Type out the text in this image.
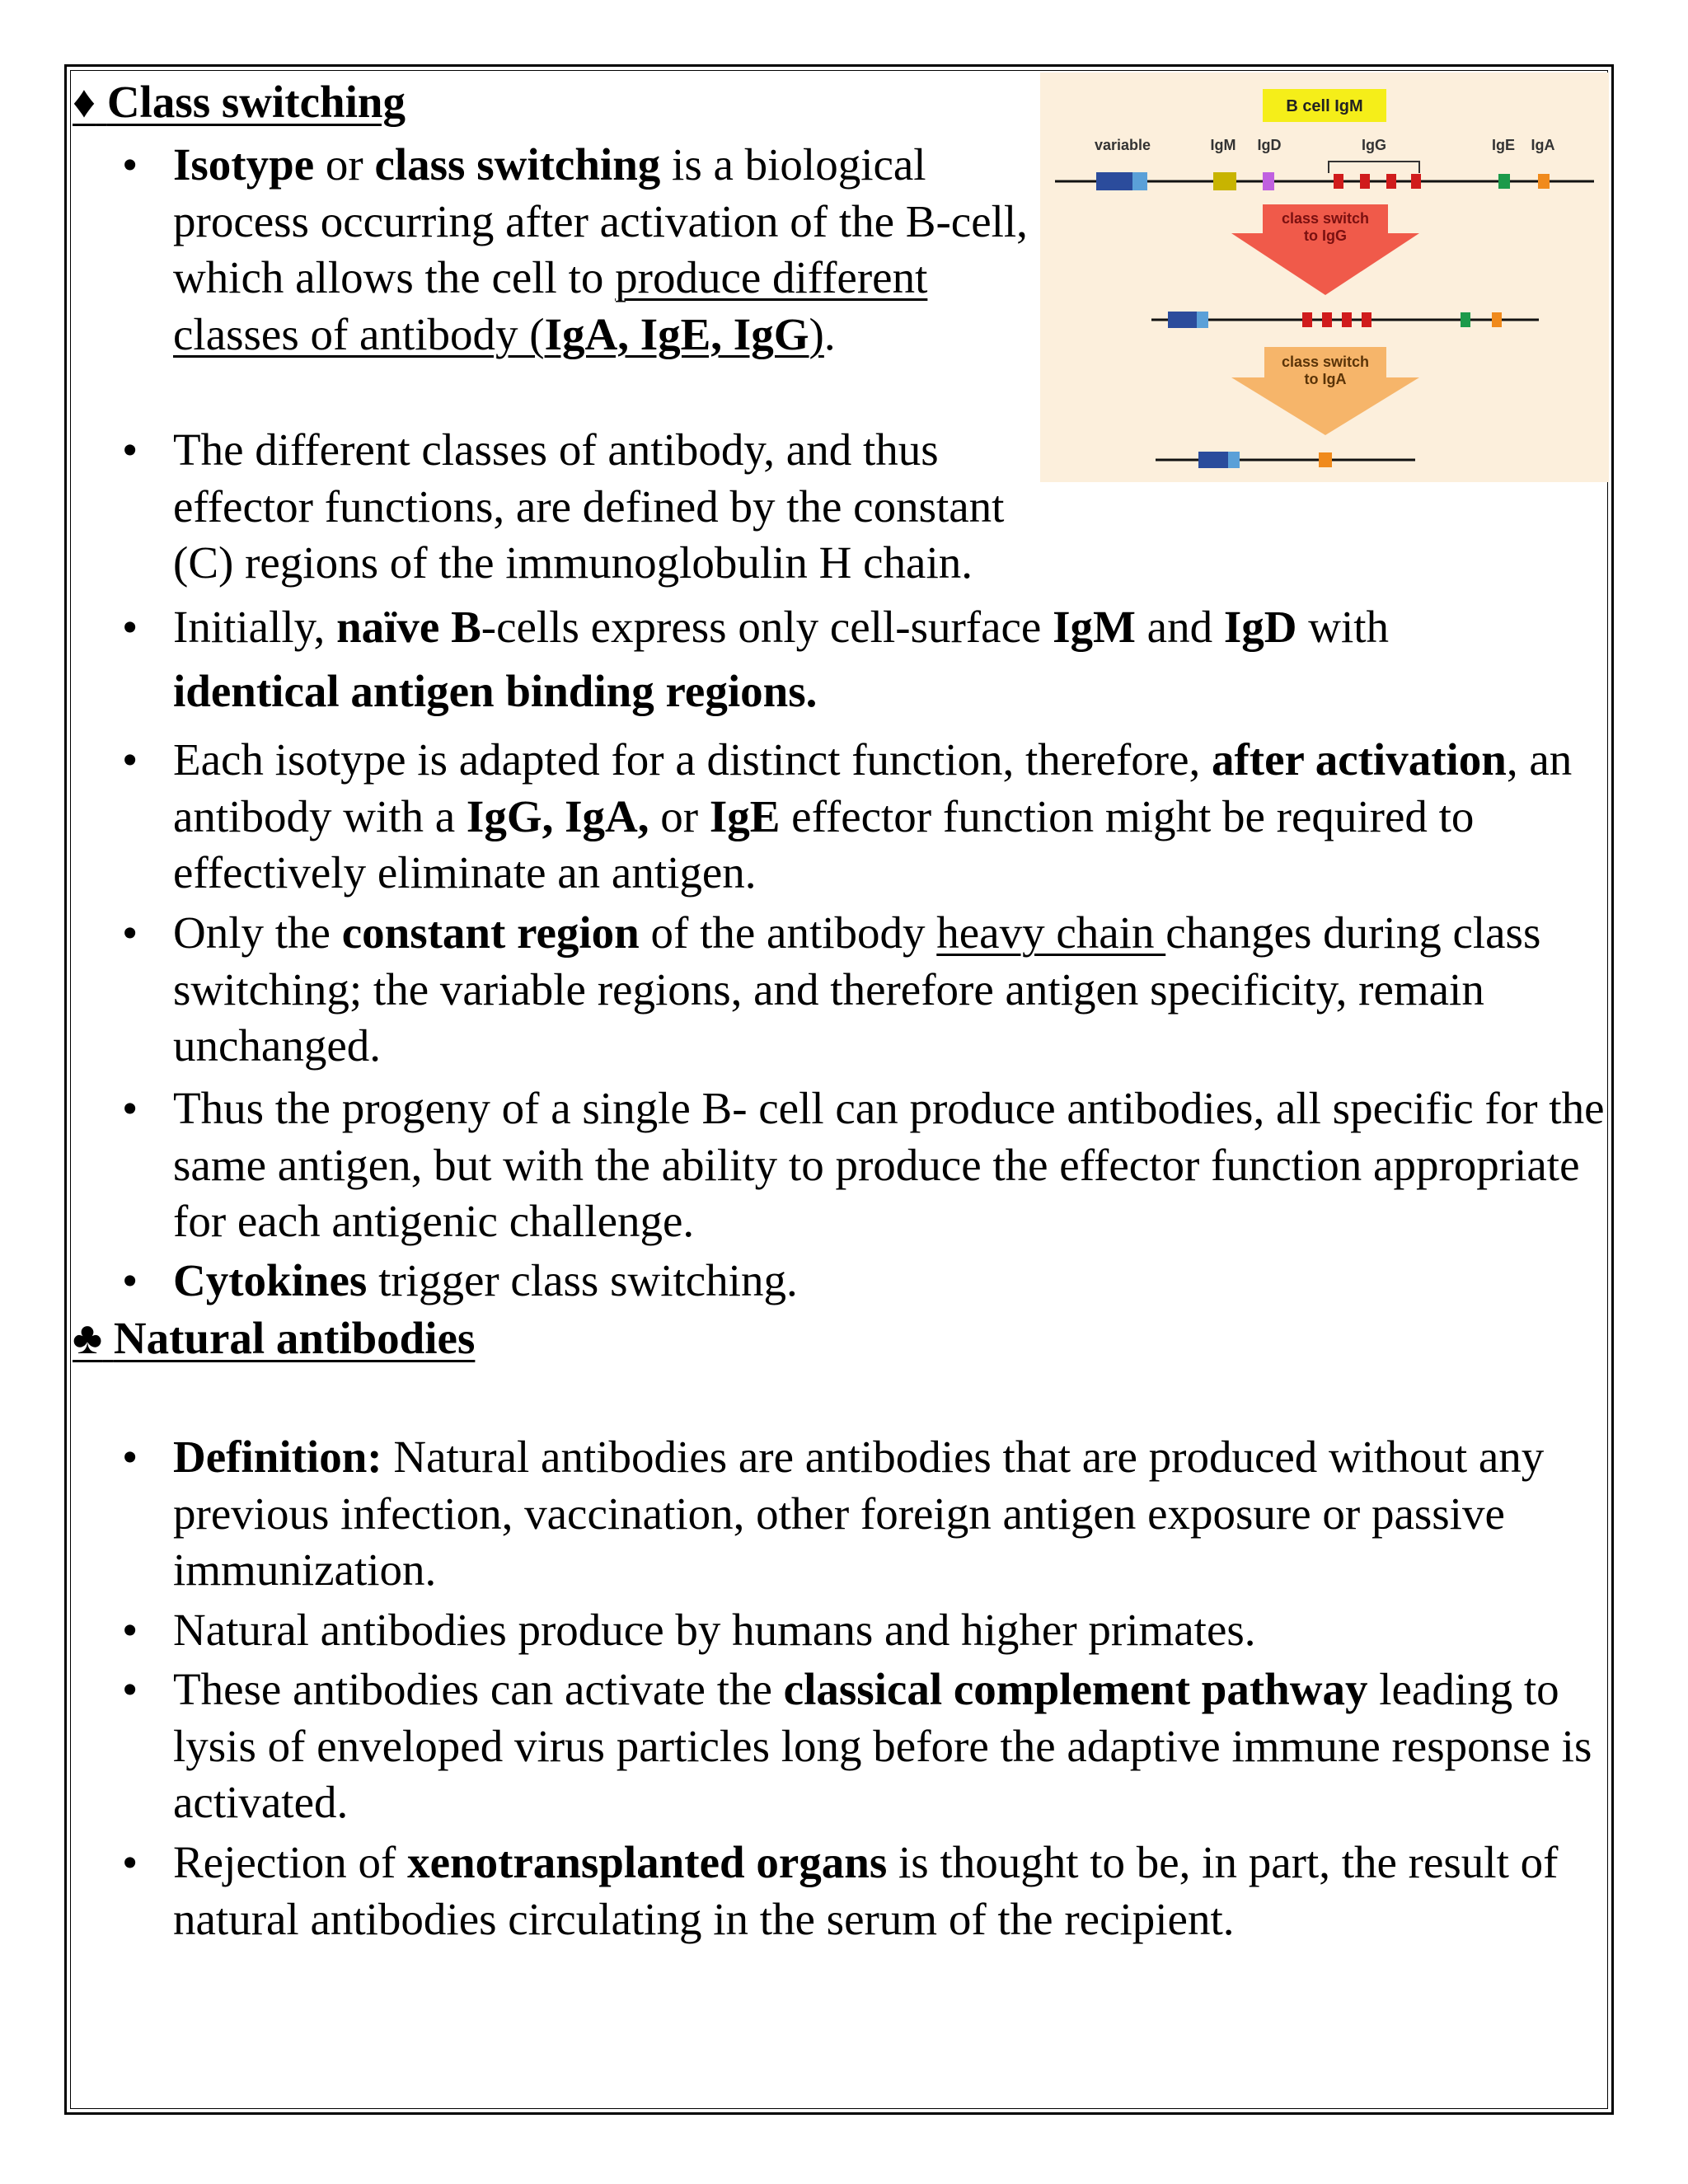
♦ Class switching
• Isotype or class switching is a biological process occurring after activation of the B-cell, which allows the cell to produce different classes of antibody (IgA, IgE, IgG).
• The different classes of antibody, and thus effector functions, are defined by the constant (C) regions of the immunoglobulin H chain.
• Initially, naïve B-cells express only cell-surface IgM and IgD with
identical antigen binding regions.
• Each isotype is adapted for a distinct function, therefore, after activation, an antibody with a IgG, IgA, or IgE effector function might be required to effectively eliminate an antigen.
• Only the constant region of the antibody heavy chain changes during class switching; the variable regions, and therefore antigen specificity, remain unchanged.
• Thus the progeny of a single B- cell can produce antibodies, all specific for the same antigen, but with the ability to produce the effector function appropriate for each antigenic challenge.
• Cytokines trigger class switching.
♣ Natural antibodies
• Definition: Natural antibodies are antibodies that are produced without any previous infection, vaccination, other foreign antigen exposure or passive immunization.
• Natural antibodies produce by humans and higher primates.
• These antibodies can activate the classical complement pathway leading to lysis of enveloped virus particles long before the adaptive immune response is activated.
• Rejection of xenotransplanted organs is thought to be, in part, the result of natural antibodies circulating in the serum of the recipient.
B cell IgM
variable	IgM IgD	IgG	IgE IgA
class switch
to IgG
class switch
to IgA
